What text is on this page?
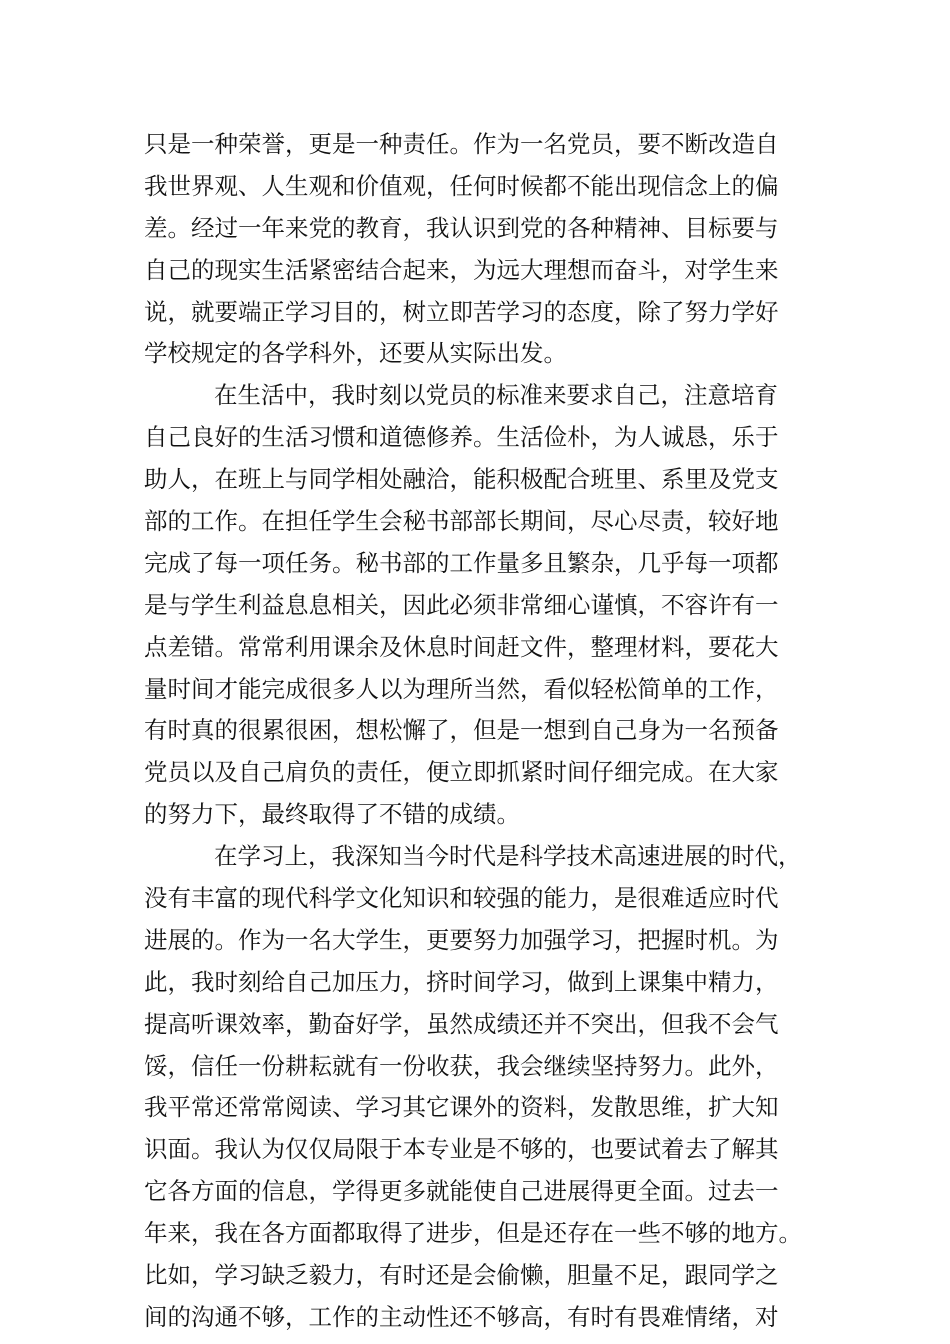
只是一种荣誉，更是一种责任。作为一名党员，要不断改造自
我世界观、人生观和价值观，任何时候都不能出现信念上的偏
差。经过一年来党的教育，我认识到党的各种精神、目标要与
自己的现实生活紧密结合起来，为远大理想而奋斗，对学生来
说，就要端正学习目的，树立即苦学习的态度，除了努力学好
学校规定的各学科外，还要从实际出发。
在生活中，我时刻以党员的标准来要求自己，注意培育
自己良好的生活习惯和道德修养。生活俭朴，为人诚恳，乐于
助人，在班上与同学相处融洽，能积极配合班里、系里及党支
部的工作。在担任学生会秘书部部长期间，尽心尽责，较好地
完成了每一项任务。秘书部的工作量多且繁杂，几乎每一项都
是与学生利益息息相关，因此必须非常细心谨慎，不容许有一
点差错。常常利用课余及休息时间赶文件，整理材料，要花大
量时间才能完成很多人以为理所当然，看似轻松简单的工作，
有时真的很累很困，想松懈了，但是一想到自己身为一名预备
党员以及自己肩负的责任，便立即抓紧时间仔细完成。在大家
的努力下，最终取得了不错的成绩。
在学习上，我深知当今时代是科学技术高速进展的时代，
没有丰富的现代科学文化知识和较强的能力，是很难适应时代
进展的。作为一名大学生，更要努力加强学习，把握时机。为
此，我时刻给自己加压力，挤时间学习，做到上课集中精力，
提高听课效率，勤奋好学，虽然成绩还并不突出，但我不会气
馁，信任一份耕耘就有一份收获，我会继续坚持努力。此外，
我平常还常常阅读、学习其它课外的资料，发散思维，扩大知
识面。我认为仅仅局限于本专业是不够的，也要试着去了解其
它各方面的信息，学得更多就能使自己进展得更全面。过去一
年来，我在各方面都取得了进步，但是还存在一些不够的地方。
比如，学习缺乏毅力，有时还是会偷懒，胆量不足，跟同学之
间的沟通不够，工作的主动性还不够高，有时有畏难情绪，对
